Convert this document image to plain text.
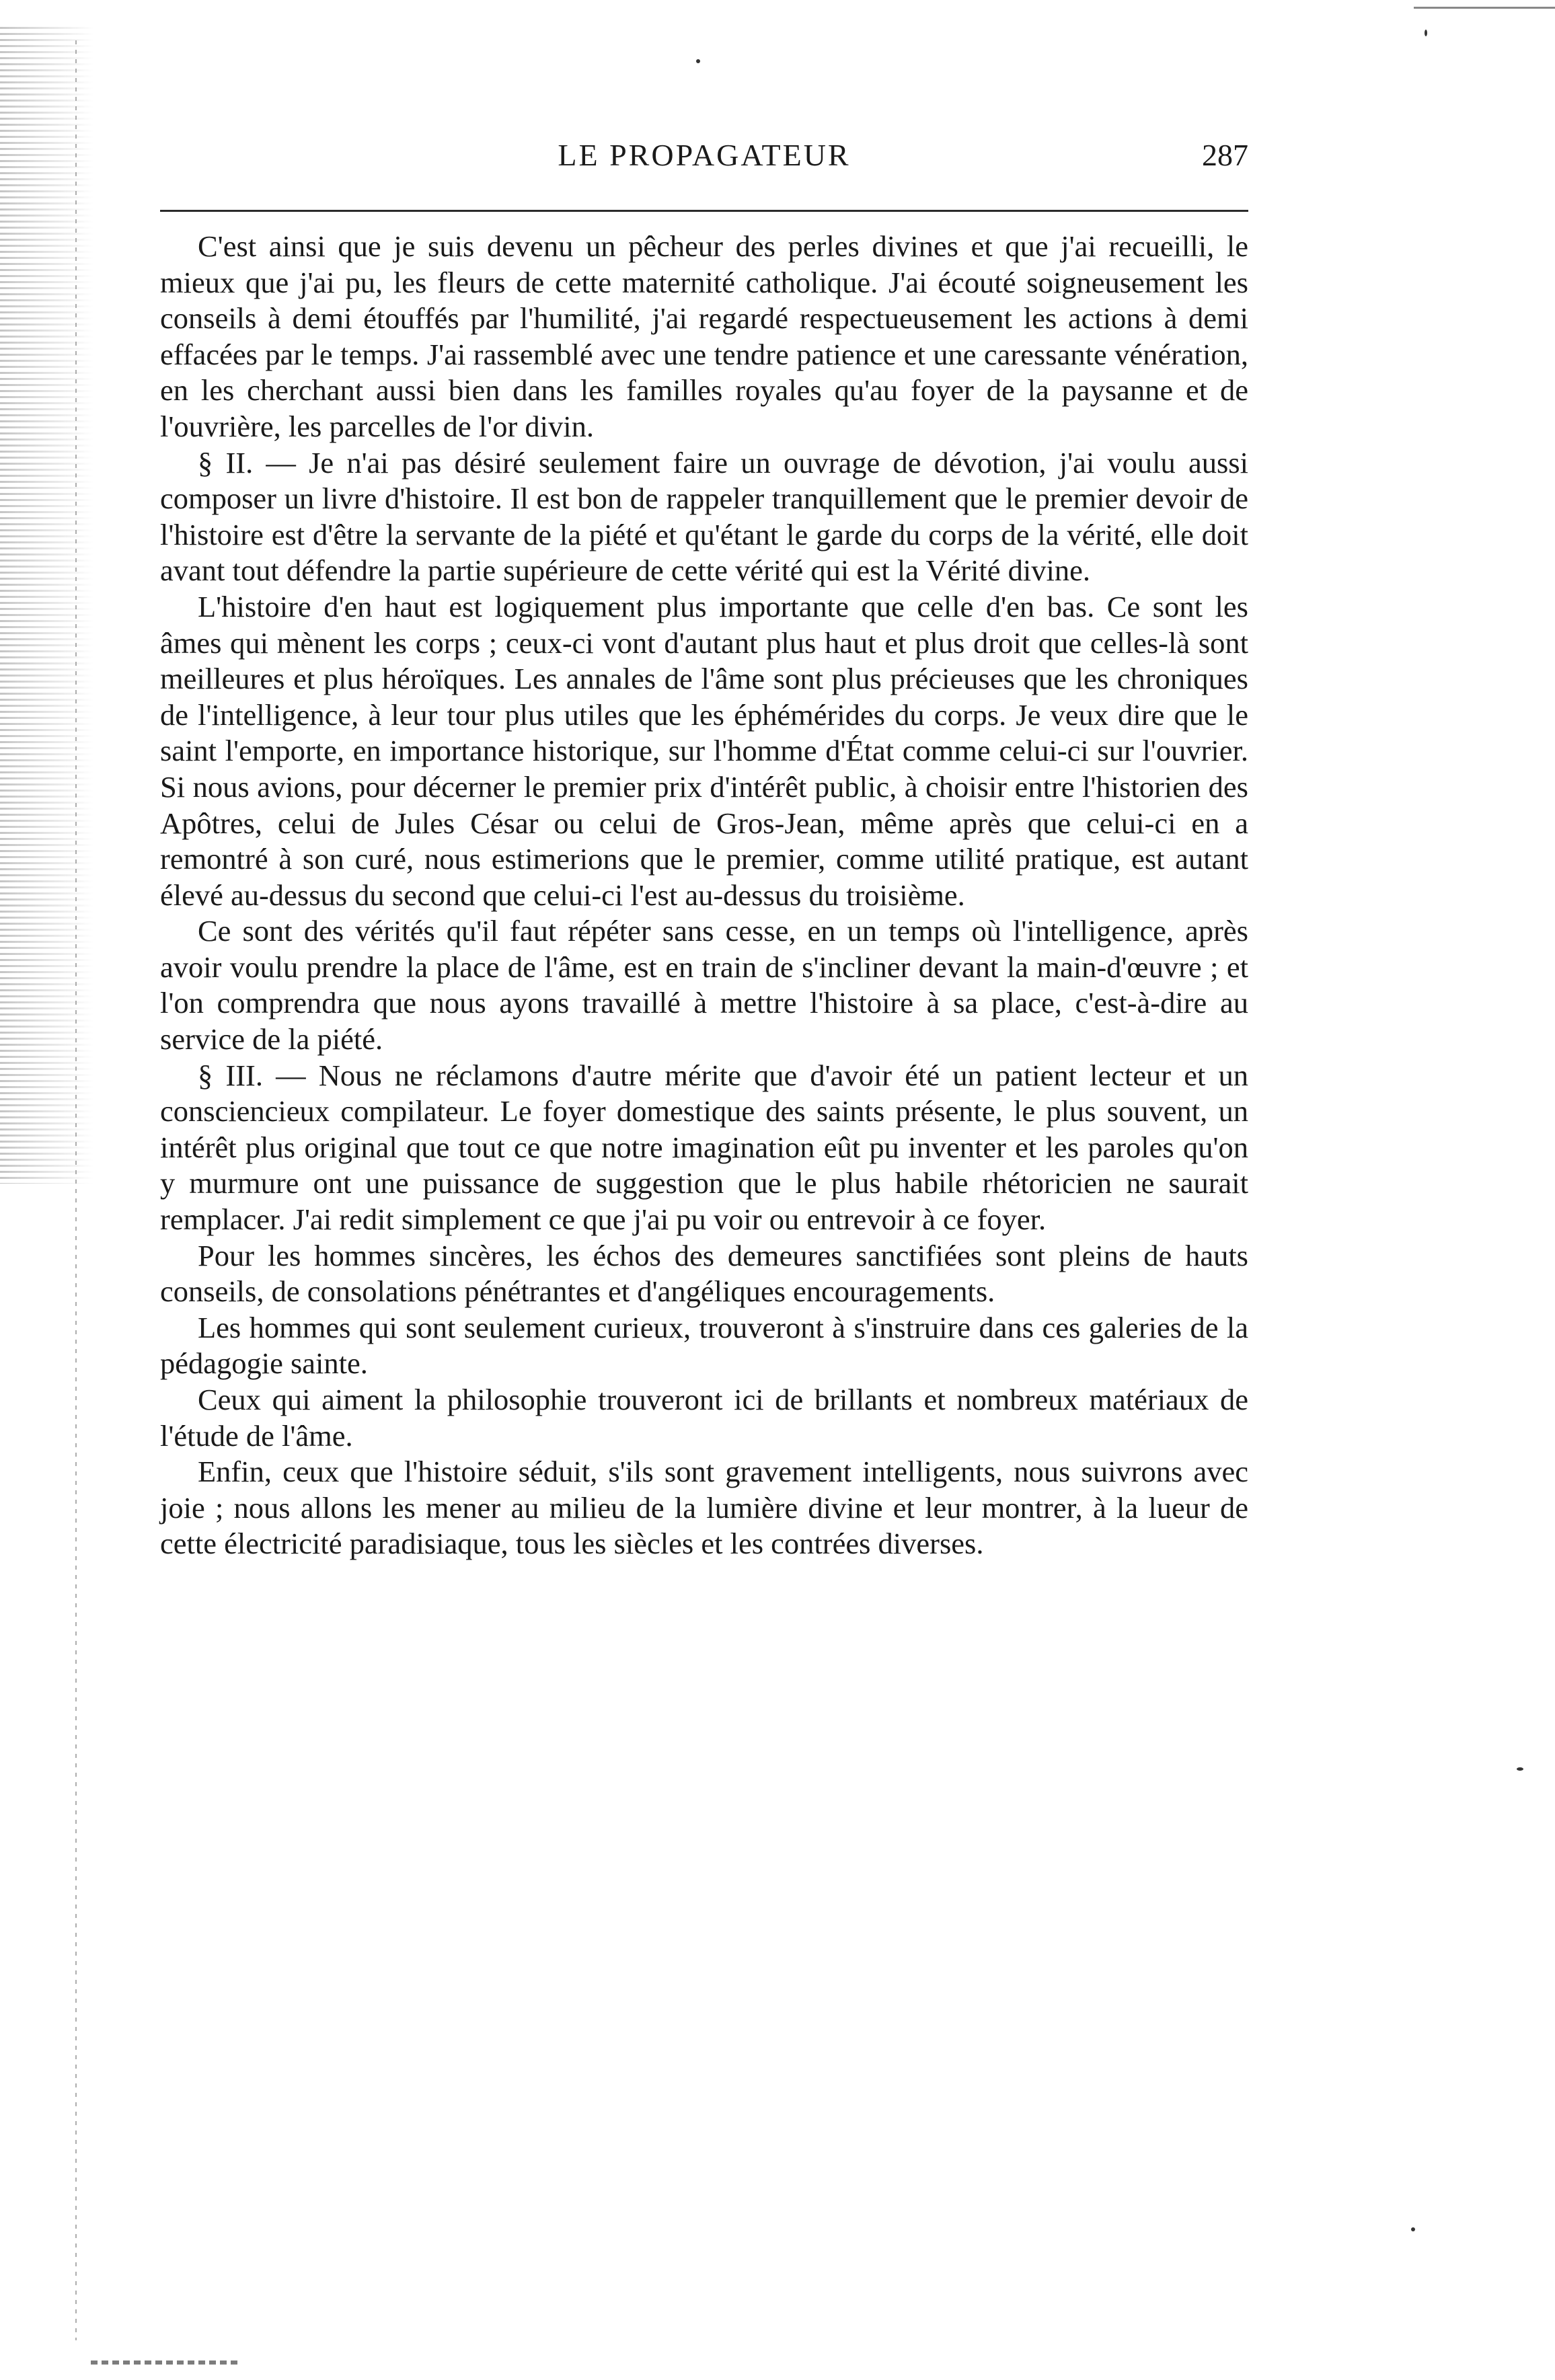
LE PROPAGATEUR	287

C'est ainsi que je suis devenu un pêcheur des perles divines et que j'ai recueilli, le mieux que j'ai pu, les fleurs de cette maternité catholique. J'ai écouté soigneusement les conseils à demi étouffés par l'humilité, j'ai regardé respectueusement les actions à demi effacées par le temps. J'ai rassemblé avec une tendre patience et une caressante vénération, en les cherchant aussi bien dans les familles royales qu'au foyer de la paysanne et de l'ouvrière, les parcelles de l'or divin.

§ II. — Je n'ai pas désiré seulement faire un ouvrage de dévotion, j'ai voulu aussi composer un livre d'histoire. Il est bon de rappeler tranquillement que le premier devoir de l'histoire est d'être la servante de la piété et qu'étant le garde du corps de la vérité, elle doit avant tout défendre la partie supérieure de cette vérité qui est la Vérité divine.

L'histoire d'en haut est logiquement plus importante que celle d'en bas. Ce sont les âmes qui mènent les corps ; ceux-ci vont d'autant plus haut et plus droit que celles-là sont meilleures et plus héroïques. Les annales de l'âme sont plus précieuses que les chroniques de l'intelligence, à leur tour plus utiles que les éphémérides du corps. Je veux dire que le saint l'emporte, en importance historique, sur l'homme d'État comme celui-ci sur l'ouvrier. Si nous avions, pour décerner le premier prix d'intérêt public, à choisir entre l'historien des Apôtres, celui de Jules César ou celui de Gros-Jean, même après que celui-ci en a remontré à son curé, nous estimerions que le premier, comme utilité pratique, est autant élevé au-dessus du second que celui-ci l'est au-dessus du troisième.

Ce sont des vérités qu'il faut répéter sans cesse, en un temps où l'intelligence, après avoir voulu prendre la place de l'âme, est en train de s'incliner devant la main-d'œuvre ; et l'on comprendra que nous ayons travaillé à mettre l'histoire à sa place, c'est-à-dire au service de la piété.

§ III. — Nous ne réclamons d'autre mérite que d'avoir été un patient lecteur et un consciencieux compilateur. Le foyer domestique des saints présente, le plus souvent, un intérêt plus original que tout ce que notre imagination eût pu inventer et les paroles qu'on y murmure ont une puissance de suggestion que le plus habile rhétoricien ne saurait remplacer. J'ai redit simplement ce que j'ai pu voir ou entrevoir à ce foyer.

Pour les hommes sincères, les échos des demeures sanctifiées sont pleins de hauts conseils, de consolations pénétrantes et d'angéliques encouragements.

Les hommes qui sont seulement curieux, trouveront à s'instruire dans ces galeries de la pédagogie sainte.

Ceux qui aiment la philosophie trouveront ici de brillants et nombreux matériaux de l'étude de l'âme.

Enfin, ceux que l'histoire séduit, s'ils sont gravement intelligents, nous suivrons avec joie ; nous allons les mener au milieu de la lumière divine et leur montrer, à la lueur de cette électricité paradisiaque, tous les siècles et les contrées diverses.
